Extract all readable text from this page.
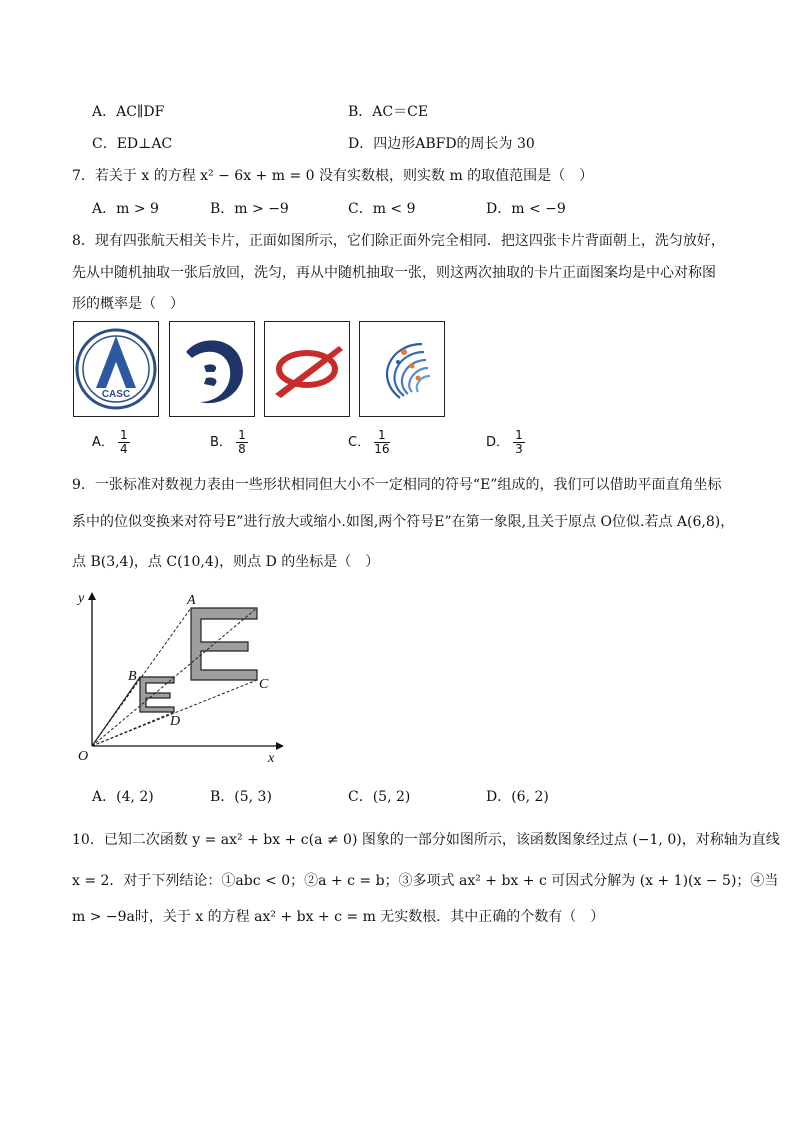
A．AC∥DF	B．AC＝CE
C．ED⊥AC	D．四边形ABFD的周长为 30
7．若关于 x 的方程 x² − 6x + m = 0 没有实数根，则实数 m 的取值范围是（　）
A．m > 9	B．m > −9	C．m < 9	D．m < −9
8．现有四张航天相关卡片，正面如图所示，它们除正面外完全相同．把这四张卡片背面朝上，洗匀放好，
先从中随机抽取一张后放回，洗匀，再从中随机抽取一张，则这两次抽取的卡片正面图案均是中心对称图
形的概率是（　）
CASC
A． $\frac{1}{4}$	B． $\frac{1}{8}$	C． $\frac{1}{16}$	D． $\frac{1}{3}$
9．一张标准对数视力表由一些形状相同但大小不一定相同的符号“E”组成的，我们可以借助平面直角坐标
系中的位似变换来对符号E”进行放大或缩小.如图,两个符号E”在第一象限,且关于原点 O位似.若点 A(6,8)，
点 B(3,4)，点 C(10,4)，则点 D 的坐标是（　）
y
x
O
A
B
C
D
A．(4, 2)	B．(5, 3)	C．(5, 2)	D．(6, 2)
10．已知二次函数 y = ax² + bx + c(a ≠ 0) 图象的一部分如图所示，该函数图象经过点 (−1, 0)，对称轴为直线
x = 2．对于下列结论：①abc < 0；②a + c = b；③多项式 ax² + bx + c 可因式分解为 (x + 1)(x − 5)；④当
m > −9a时，关于 x 的方程 ax² + bx + c = m 无实数根．其中正确的个数有（　）
